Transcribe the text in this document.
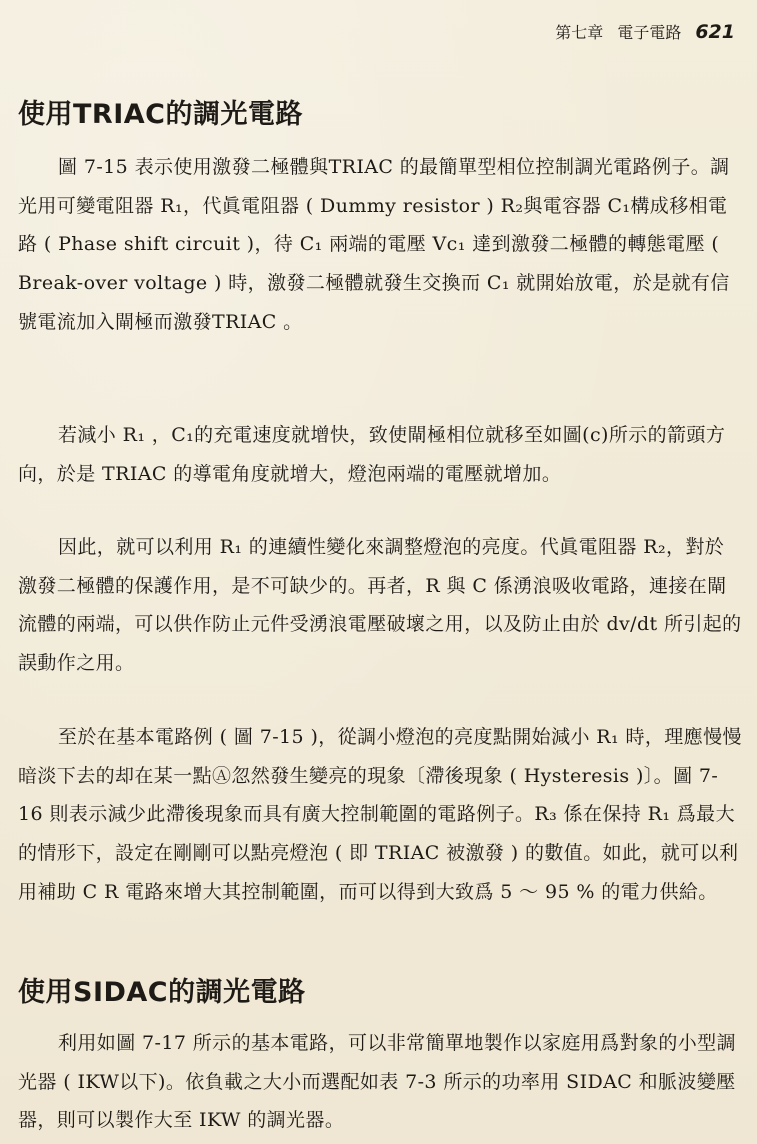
第七章 電子電路 621
使用TRIAC的調光電路

圖 7-15 表示使用激發二極體與TRIAC 的最簡單型相位控制調光電路例子。調光用可變電阻器 R₁，代眞電阻器 ( Dummy resistor ) R₂與電容器 C₁構成移相電路 ( Phase shift circuit )，待 C₁ 兩端的電壓 Vc₁ 達到激發二極體的轉態電壓 ( Break-over voltage ) 時，激發二極體就發生交換而 C₁ 就開始放電，於是就有信號電流加入閘極而激發TRIAC 。

若減小 R₁ ，C₁的充電速度就增快，致使閘極相位就移至如圖(c)所示的箭頭方向，於是 TRIAC 的導電角度就增大，燈泡兩端的電壓就增加。

因此，就可以利用 R₁ 的連續性變化來調整燈泡的亮度。代眞電阻器 R₂，對於激發二極體的保護作用，是不可缺少的。再者，R 與 C 係湧浪吸收電路，連接在閘流體的兩端，可以供作防止元件受湧浪電壓破壞之用，以及防止由於 dv/dt 所引起的誤動作之用。

至於在基本電路例 ( 圖 7-15 )，從調小燈泡的亮度點開始減小 R₁ 時，理應慢慢暗淡下去的却在某一點Ⓐ忽然發生變亮的現象〔滯後現象 ( Hysteresis )〕。圖 7-16 則表示減少此滯後現象而具有廣大控制範圍的電路例子。R₃ 係在保持 R₁ 爲最大的情形下，設定在剛剛可以點亮燈泡 ( 即 TRIAC 被激發 ) 的數值。如此，就可以利用補助 C R 電路來增大其控制範圍，而可以得到大致爲 5 ～ 95 % 的電力供給。

使用SIDAC的調光電路

利用如圖 7-17 所示的基本電路，可以非常簡單地製作以家庭用爲對象的小型調光器 ( IKW以下)。依負載之大小而選配如表 7-3 所示的功率用 SIDAC 和脈波變壓器，則可以製作大至 IKW 的調光器。
